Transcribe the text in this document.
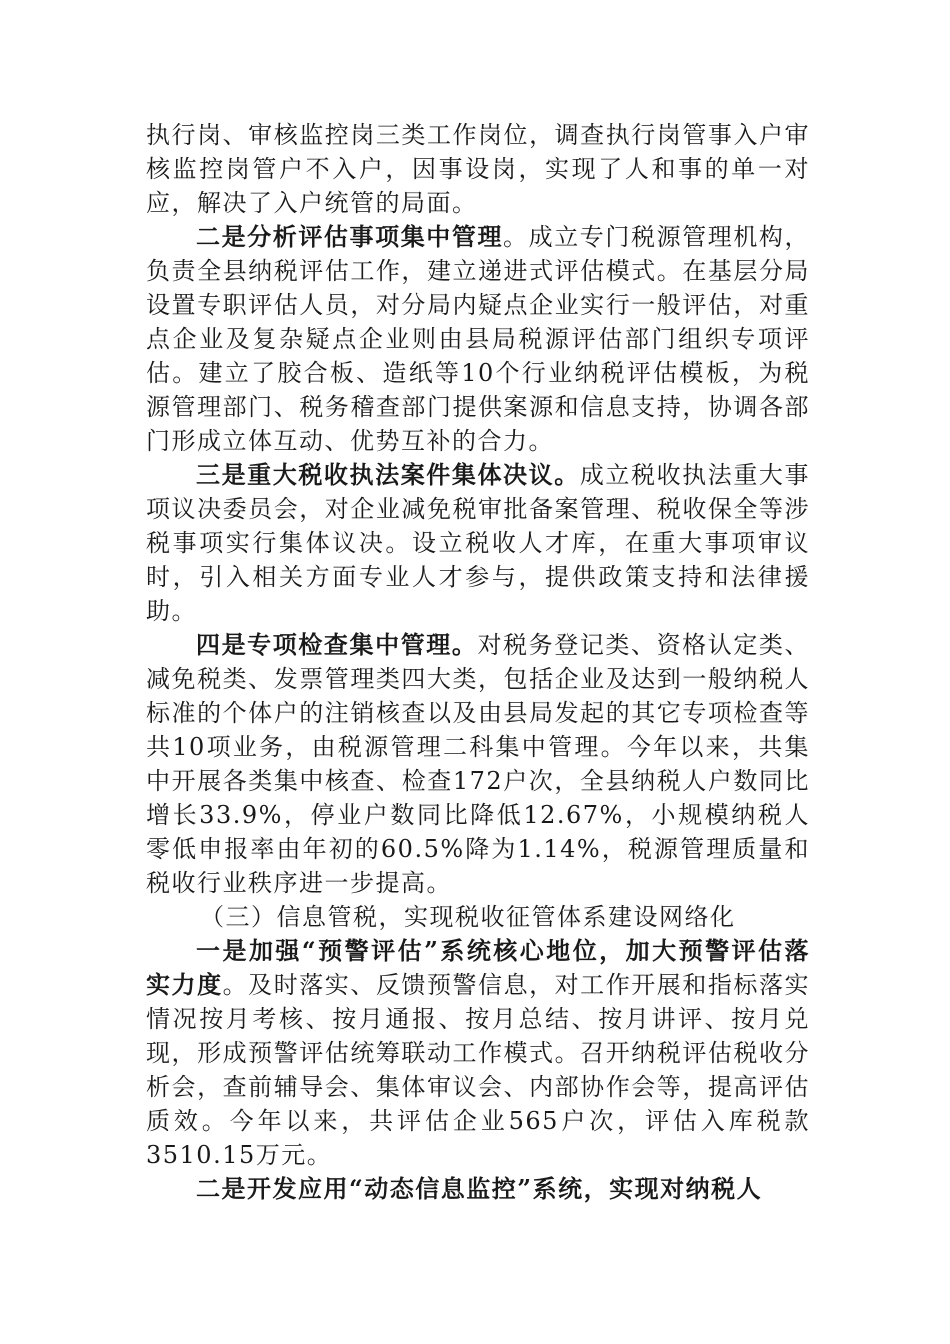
执行岗、审核监控岗三类工作岗位，调查执行岗管事入户审核监控岗管户不入户，因事设岗，实现了人和事的单一对应，解决了入户统管的局面。

二是分析评估事项集中管理。成立专门税源管理机构，负责全县纳税评估工作，建立递进式评估模式。在基层分局设置专职评估人员，对分局内疑点企业实行一般评估，对重点企业及复杂疑点企业则由县局税源评估部门组织专项评估。建立了胶合板、造纸等10个行业纳税评估模板，为税源管理部门、税务稽查部门提供案源和信息支持，协调各部门形成立体互动、优势互补的合力。

三是重大税收执法案件集体决议。成立税收执法重大事项议决委员会，对企业减免税审批备案管理、税收保全等涉税事项实行集体议决。设立税收人才库，在重大事项审议时，引入相关方面专业人才参与，提供政策支持和法律援助。

四是专项检查集中管理。对税务登记类、资格认定类、减免税类、发票管理类四大类，包括企业及达到一般纳税人标准的个体户的注销核查以及由县局发起的其它专项检查等共10项业务，由税源管理二科集中管理。今年以来，共集中开展各类集中核查、检查172户次，全县纳税人户数同比增长33.9%，停业户数同比降低12.67%，小规模纳税人零低申报率由年初的60.5%降为1.14%，税源管理质量和税收行业秩序进一步提高。

（三）信息管税，实现税收征管体系建设网络化

一是加强“预警评估”系统核心地位，加大预警评估落实力度。及时落实、反馈预警信息，对工作开展和指标落实情况按月考核、按月通报、按月总结、按月讲评、按月兑现，形成预警评估统筹联动工作模式。召开纳税评估税收分析会，查前辅导会、集体审议会、内部协作会等，提高评估质效。今年以来，共评估企业565户次，评估入库税款3510.15万元。

二是开发应用“动态信息监控”系统，实现对纳税人
